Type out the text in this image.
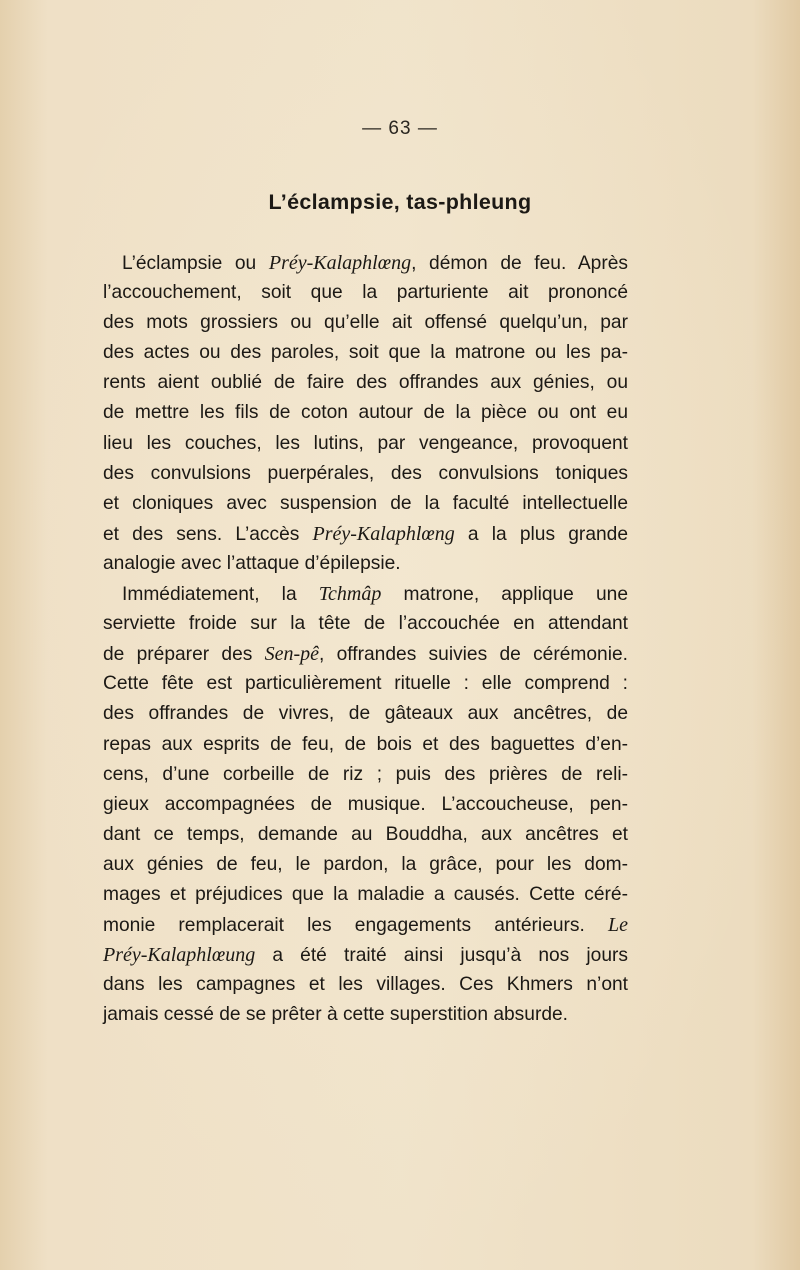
— 63 —
L’éclampsie, tas-phleung
L’éclampsie ou Préy-Kalaphlœng, démon de feu. Après
l’accouchement, soit que la parturiente ait prononcé
des mots grossiers ou qu’elle ait offensé quelqu’un, par
des actes ou des paroles, soit que la matrone ou les pa-
rents aient oublié de faire des offrandes aux génies, ou
de mettre les fils de coton autour de la pièce ou ont eu
lieu les couches, les lutins, par vengeance, provoquent
des convulsions puerpérales, des convulsions toniques
et cloniques avec suspension de la faculté intellectuelle
et des sens. L’accès Préy-Kalaphlœng a la plus grande
analogie avec l’attaque d’épilepsie.
Immédiatement, la Tchmâp matrone, applique une
serviette froide sur la tête de l’accouchée en attendant
de préparer des Sen-pê, offrandes suivies de cérémonie.
Cette fête est particulièrement rituelle : elle comprend :
des offrandes de vivres, de gâteaux aux ancêtres, de
repas aux esprits de feu, de bois et des baguettes d’en-
cens, d’une corbeille de riz ; puis des prières de reli-
gieux accompagnées de musique. L’accoucheuse, pen-
dant ce temps, demande au Bouddha, aux ancêtres et
aux génies de feu, le pardon, la grâce, pour les dom-
mages et préjudices que la maladie a causés. Cette céré-
monie remplacerait les engagements antérieurs. Le
Préy-Kalaphlœung a été traité ainsi jusqu’à nos jours
dans les campagnes et les villages. Ces Khmers n’ont
jamais cessé de se prêter à cette superstition absurde.
